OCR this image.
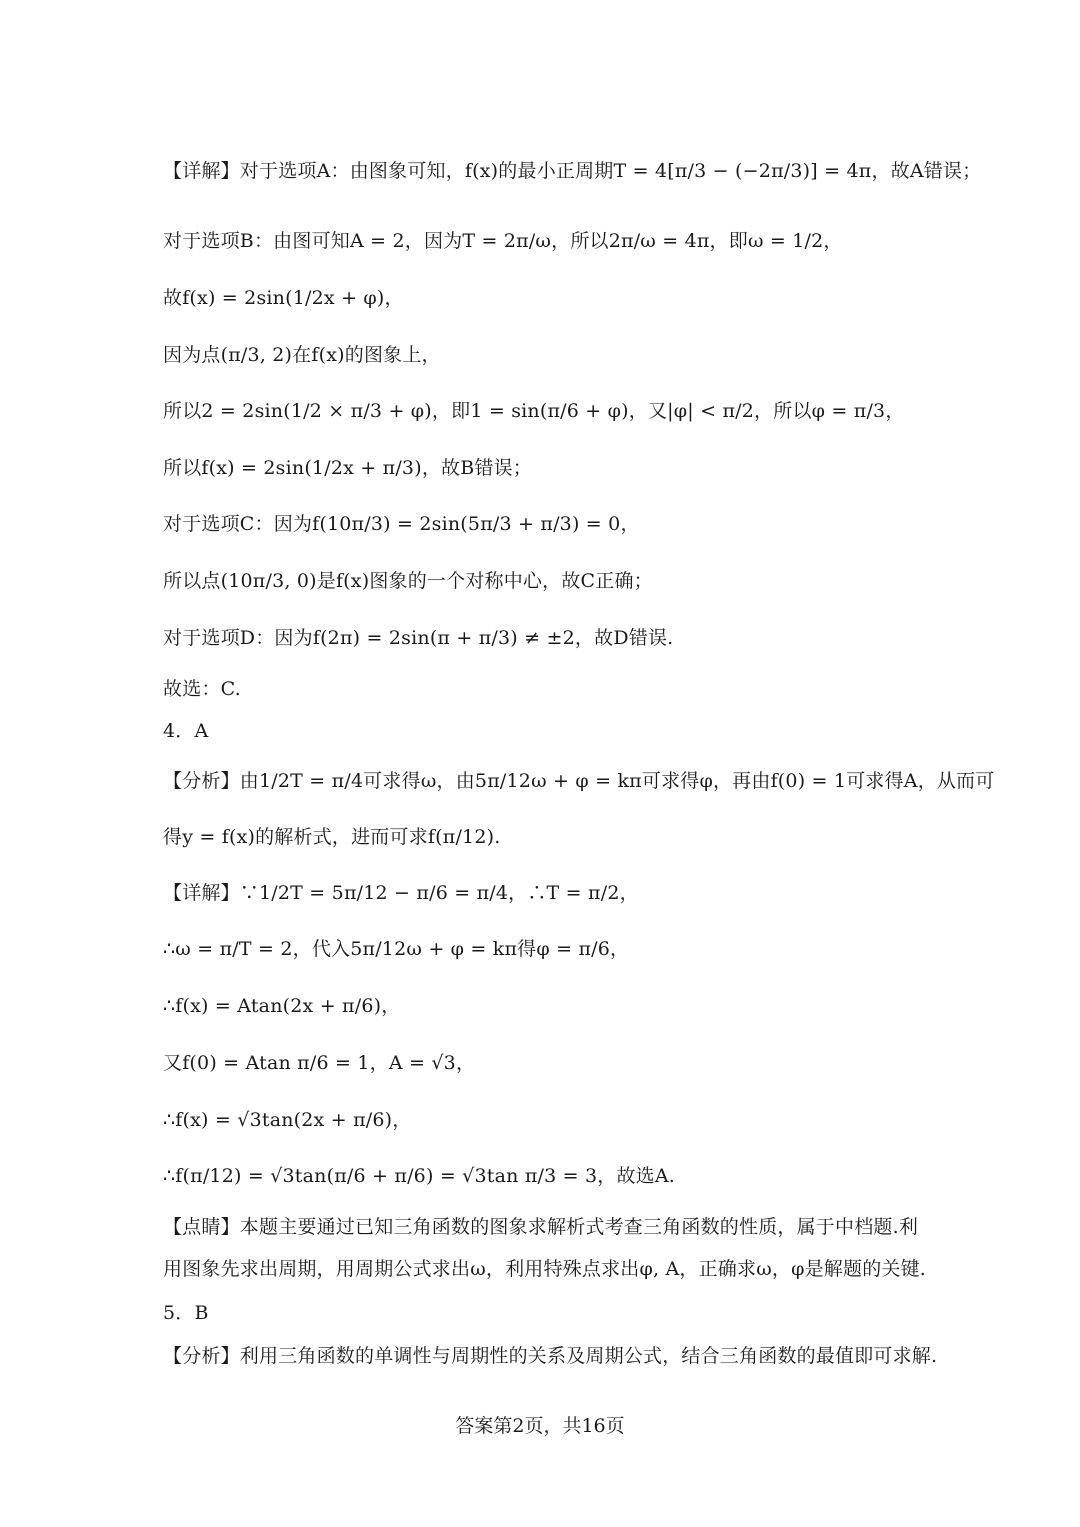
【详解】对于选项A：由图象可知，f(x)的最小正周期T = 4[π/3 − (−2π/3)] = 4π，故A错误；
对于选项B：由图可知A = 2，因为T = 2π/ω，所以2π/ω = 4π，即ω = 1/2，
故f(x) = 2sin(1/2x + φ)，
因为点(π/3, 2)在f(x)的图象上，
所以2 = 2sin(1/2 × π/3 + φ)，即1 = sin(π/6 + φ)，又|φ| < π/2，所以φ = π/3，
所以f(x) = 2sin(1/2x + π/3)，故B错误；
对于选项C：因为f(10π/3) = 2sin(5π/3 + π/3) = 0，
所以点(10π/3, 0)是f(x)图象的一个对称中心，故C正确；
对于选项D：因为f(2π) = 2sin(π + π/3) ≠ ±2，故D错误.
故选：C.
4．A
【分析】由1/2T = π/4可求得ω，由5π/12ω + φ = kπ可求得φ，再由f(0) = 1可求得A，从而可
得y = f(x)的解析式，进而可求f(π/12).
【详解】∵1/2T = 5π/12 − π/6 = π/4，∴T = π/2，
∴ω = π/T = 2，代入5π/12ω + φ = kπ得φ = π/6，
∴f(x) = Atan(2x + π/6)，
又f(0) = Atan π/6 = 1，A = √3，
∴f(x) = √3tan(2x + π/6)，
∴f(π/12) = √3tan(π/6 + π/6) = √3tan π/3 = 3，故选A.
【点睛】本题主要通过已知三角函数的图象求解析式考查三角函数的性质，属于中档题.利
用图象先求出周期，用周期公式求出ω，利用特殊点求出φ, A，正确求ω，φ是解题的关键.
5．B
【分析】利用三角函数的单调性与周期性的关系及周期公式，结合三角函数的最值即可求解.
答案第2页，共16页
